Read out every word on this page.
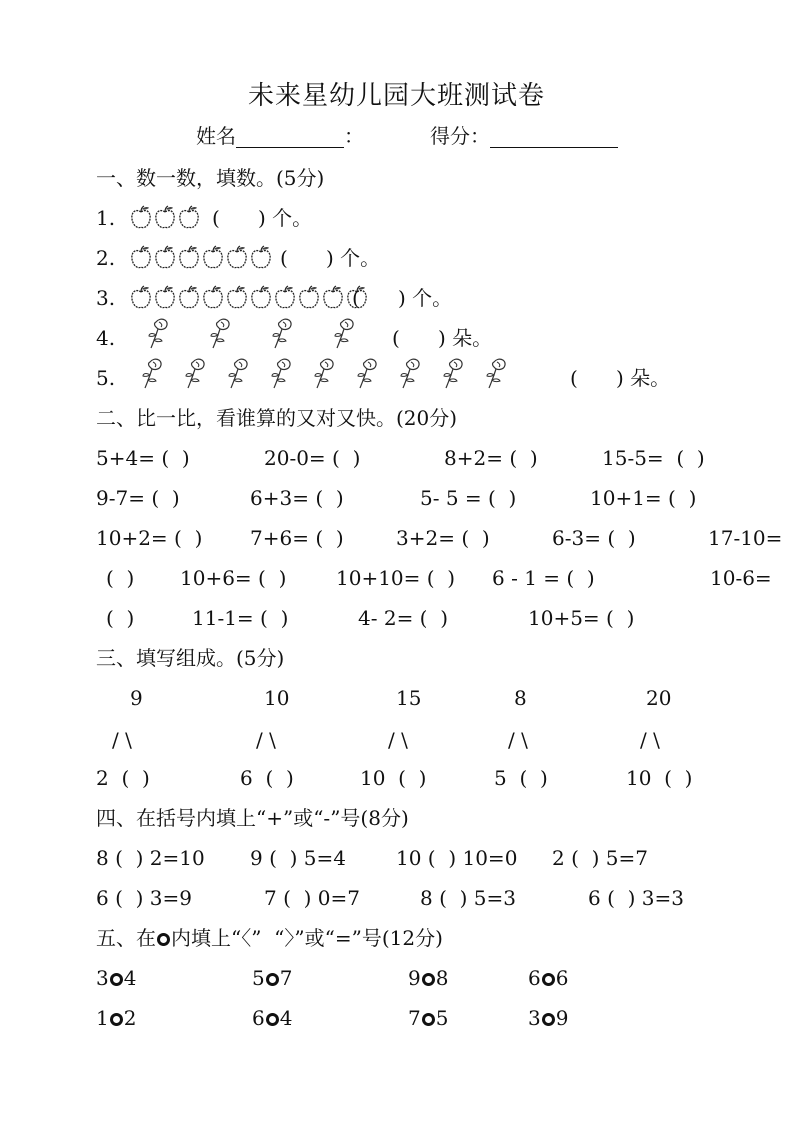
未来星幼儿园大班测试卷
姓名	：	得分：
一、数一数，填数。(5分)
1.	(      ) 个。
2.	(      ) 个。
3.	(      ) 个。
4.	(      ) 朵。
5.	(      ) 朵。
二、比一比，看谁算的又对又快。(20分)
5+4= (  )	20-0= (  )	8+2= (  )	15-5=  (  )
9-7= (  )	6+3= (  )	5- 5 = (  )	10+1= (  )
10+2= (  ) 7+6= (  )	3+2= (  )	6-3= (  )	17-10=
(  ) 10+6= (  ) 10+10= (  ) 6 - 1 = (  )	10-6=
(  )	11-1= (  )	4- 2= (  )	10+5= (  )
三、填写组成。(5分)
9	10	15	8	20
/ \	/ \	/ \	/ \	/ \
2  (  )	6  (  )	10  (  )	5  (  )	10  (  )
四、在括号内填上“+”或“-”号(8分)
8 (  ) 2=10 9 (  ) 5=4	10 (  ) 10=0 2 (  ) 5=7
6 (  ) 3=9	7 (  ) 0=7	8 (  ) 5=3	6 (  ) 3=3
五、在 内填上“〈”  “〉”或“=”号(12分)
3 4	5 7	9 8	6 6
1 2	6 4	7 5	3 9
